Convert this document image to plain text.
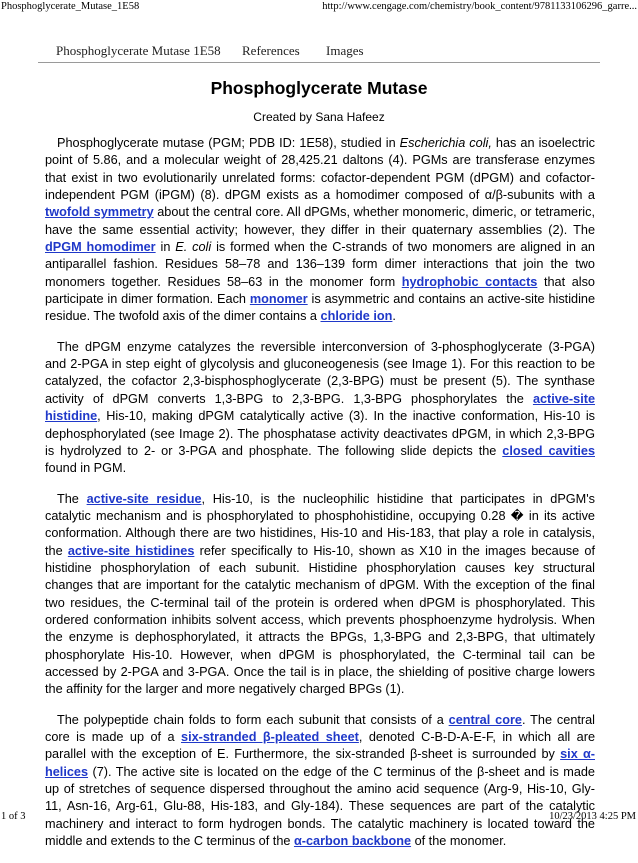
Phosphoglycerate_Mutase_1E58	http://www.cengage.com/chemistry/book_content/9781133106296_garre...
Phosphoglycerate Mutase 1E58 References Images
Phosphoglycerate Mutase
Created by Sana Hafeez

Phosphoglycerate mutase (PGM; PDB ID: 1E58), studied in Escherichia coli, has an isoelectric point of 5.86, and a molecular weight of 28,425.21 daltons (4). PGMs are transferase enzymes that exist in two evolutionarily unrelated forms: cofactor-dependent PGM (dPGM) and cofactor-independent PGM (iPGM) (8). dPGM exists as a homodimer composed of α/β-subunits with a twofold symmetry about the central core. All dPGMs, whether monomeric, dimeric, or tetrameric, have the same essential activity; however, they differ in their quaternary assemblies (2). The dPGM homodimer in E. coli is formed when the C-strands of two monomers are aligned in an antiparallel fashion. Residues 58–78 and 136–139 form dimer interactions that join the two monomers together. Residues 58–63 in the monomer form hydrophobic contacts that also participate in dimer formation. Each monomer is asymmetric and contains an active-site histidine residue. The twofold axis of the dimer contains a chloride ion.

The dPGM enzyme catalyzes the reversible interconversion of 3-phosphoglycerate (3-PGA) and 2-PGA in step eight of glycolysis and gluconeogenesis (see Image 1). For this reaction to be catalyzed, the cofactor 2,3-bisphosphoglycerate (2,3-BPG) must be present (5). The synthase activity of dPGM converts 1,3-BPG to 2,3-BPG. 1,3-BPG phosphorylates the active-site histidine, His-10, making dPGM catalytically active (3). In the inactive conformation, His-10 is dephosphorylated (see Image 2). The phosphatase activity deactivates dPGM, in which 2,3-BPG is hydrolyzed to 2- or 3-PGA and phosphate. The following slide depicts the closed cavities found in PGM.

The active-site residue, His-10, is the nucleophilic histidine that participates in dPGM's catalytic mechanism and is phosphorylated to phosphohistidine, occupying 0.28 � in its active conformation. Although there are two histidines, His-10 and His-183, that play a role in catalysis, the active-site histidines refer specifically to His-10, shown as X10 in the images because of histidine phosphorylation of each subunit. Histidine phosphorylation causes key structural changes that are important for the catalytic mechanism of dPGM. With the exception of the final two residues, the C-terminal tail of the protein is ordered when dPGM is phosphorylated. This ordered conformation inhibits solvent access, which prevents phosphoenzyme hydrolysis. When the enzyme is dephosphorylated, it attracts the BPGs, 1,3-BPG and 2,3-BPG, that ultimately phosphorylate His-10. However, when dPGM is phosphorylated, the C-terminal tail can be accessed by 2-PGA and 3-PGA. Once the tail is in place, the shielding of positive charge lowers the affinity for the larger and more negatively charged BPGs (1).

The polypeptide chain folds to form each subunit that consists of a central core. The central core is made up of a six-stranded β-pleated sheet, denoted C-B-D-A-E-F, in which all are parallel with the exception of E. Furthermore, the six-stranded β-sheet is surrounded by six α-helices (7). The active site is located on the edge of the C terminus of the β-sheet and is made up of stretches of sequence dispersed throughout the amino acid sequence (Arg-9, His-10, Gly-11, Asn-16, Arg-61, Glu-88, His-183, and Gly-184). These sequences are part of the catalytic machinery and interact to form hydrogen bonds. The catalytic machinery is located toward the middle and extends to the C terminus of the α-carbon backbone of the monomer.

1 of 3	10/23/2013 4:25 PM
